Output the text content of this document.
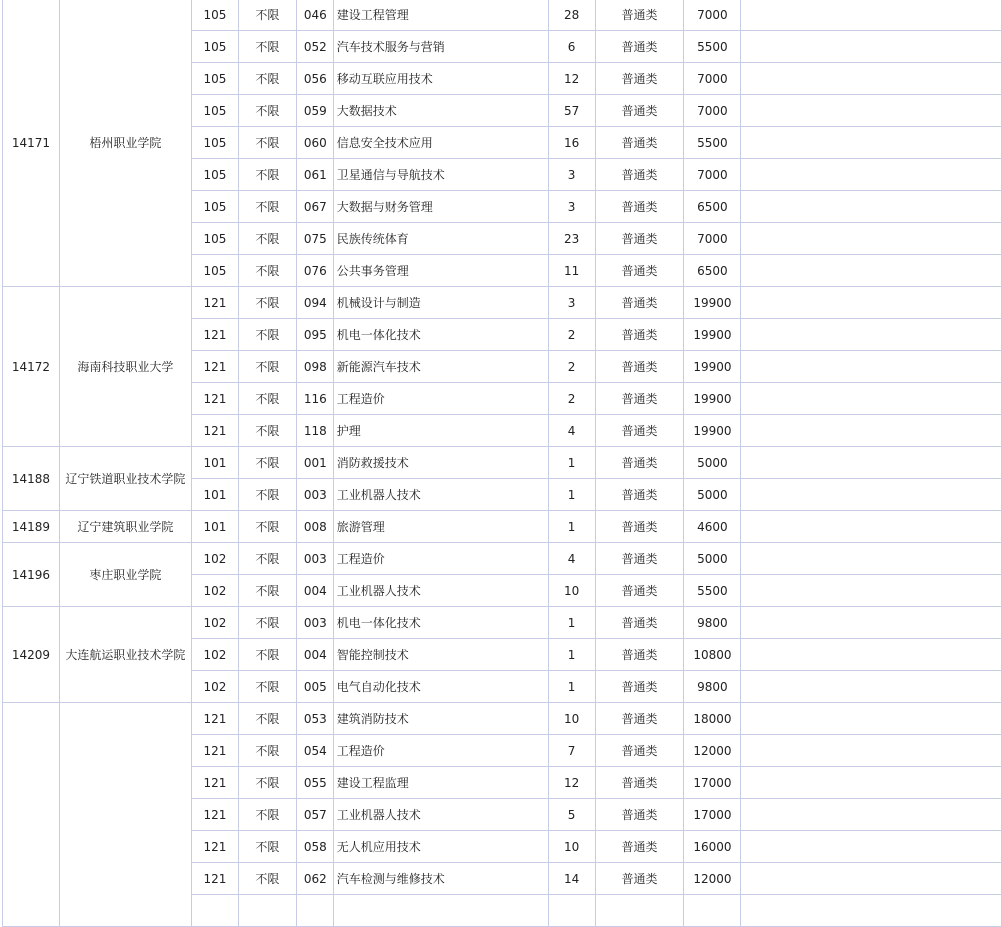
14171	梧州职业学院	105	不限	046	建设工程管理	28	普通类	7000	
		105	不限	052	汽车技术服务与营销	6	普通类	5500	
		105	不限	056	移动互联应用技术	12	普通类	7000	
		105	不限	059	大数据技术	57	普通类	7000	
		105	不限	060	信息安全技术应用	16	普通类	5500	
		105	不限	061	卫星通信与导航技术	3	普通类	7000	
		105	不限	067	大数据与财务管理	3	普通类	6500	
		105	不限	075	民族传统体育	23	普通类	7000	
		105	不限	076	公共事务管理	11	普通类	6500	
14172	海南科技职业大学	121	不限	094	机械设计与制造	3	普通类	19900	
		121	不限	095	机电一体化技术	2	普通类	19900	
		121	不限	098	新能源汽车技术	2	普通类	19900	
		121	不限	116	工程造价	2	普通类	19900	
		121	不限	118	护理	4	普通类	19900	
14188	辽宁铁道职业技术学院	101	不限	001	消防救援技术	1	普通类	5000	
		101	不限	003	工业机器人技术	1	普通类	5000	
14189	辽宁建筑职业学院	101	不限	008	旅游管理	1	普通类	4600	
14196	枣庄职业学院	102	不限	003	工程造价	4	普通类	5000	
		102	不限	004	工业机器人技术	10	普通类	5500	
14209	大连航运职业技术学院	102	不限	003	机电一体化技术	1	普通类	9800	
		102	不限	004	智能控制技术	1	普通类	10800	
		102	不限	005	电气自动化技术	1	普通类	9800	
		121	不限	053	建筑消防技术	10	普通类	18000	
		121	不限	054	工程造价	7	普通类	12000	
		121	不限	055	建设工程监理	12	普通类	17000	
		121	不限	057	工业机器人技术	5	普通类	17000	
		121	不限	058	无人机应用技术	10	普通类	16000	
		121	不限	062	汽车检测与维修技术	14	普通类	12000	
